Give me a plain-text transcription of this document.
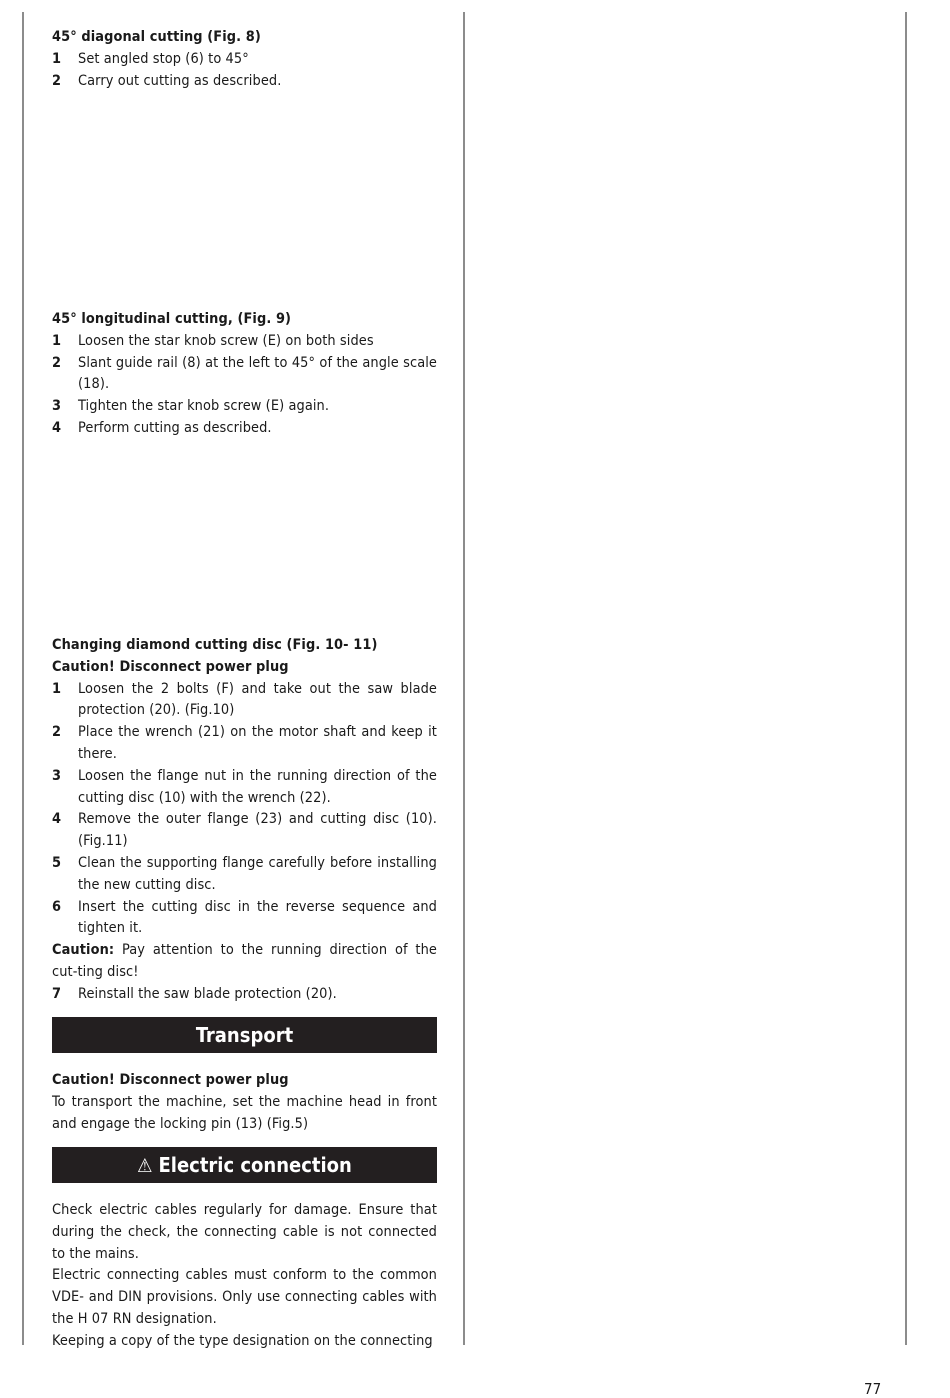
45° diagonal cutting (Fig. 8)

1 Set angled stop (6) to 45°

2 Carry out cutting as described.

45° longitudinal cutting, (Fig. 9)

1 Loosen the star knob screw (E) on both sides

2 Slant guide rail (8) at the left to 45° of the angle scale (18).

3 Tighten the star knob screw (E) again.

4 Perform cutting as described.

Changing diamond cutting disc (Fig. 10- 11)

Caution! Disconnect power plug

1 Loosen the 2 bolts (F) and take out the saw blade protection (20). (Fig.10)

2 Place the wrench (21) on the motor shaft and keep it there.

3 Loosen the flange nut in the running direction of the cutting disc (10) with the wrench (22).

4 Remove the outer flange (23) and cutting disc (10). (Fig.11)

5 Clean the supporting flange carefully before installing the new cutting disc.

6 Insert the cutting disc in the reverse sequence and tighten it.

Caution: Pay attention to the running direction of the cut-ting disc!

7 Reinstall the saw blade protection (20).

Transport

Caution! Disconnect power plug

To transport the machine, set the machine head in front and engage the locking pin (13) (Fig.5)

⚠ Electric connection

Check electric cables regularly for damage. Ensure that during the check, the connecting cable is not connected to the mains.

Electric connecting cables must conform to the common VDE- and DIN provisions. Only use connecting cables with the H 07 RN designation.

Keeping a copy of the type designation on the connecting

77
